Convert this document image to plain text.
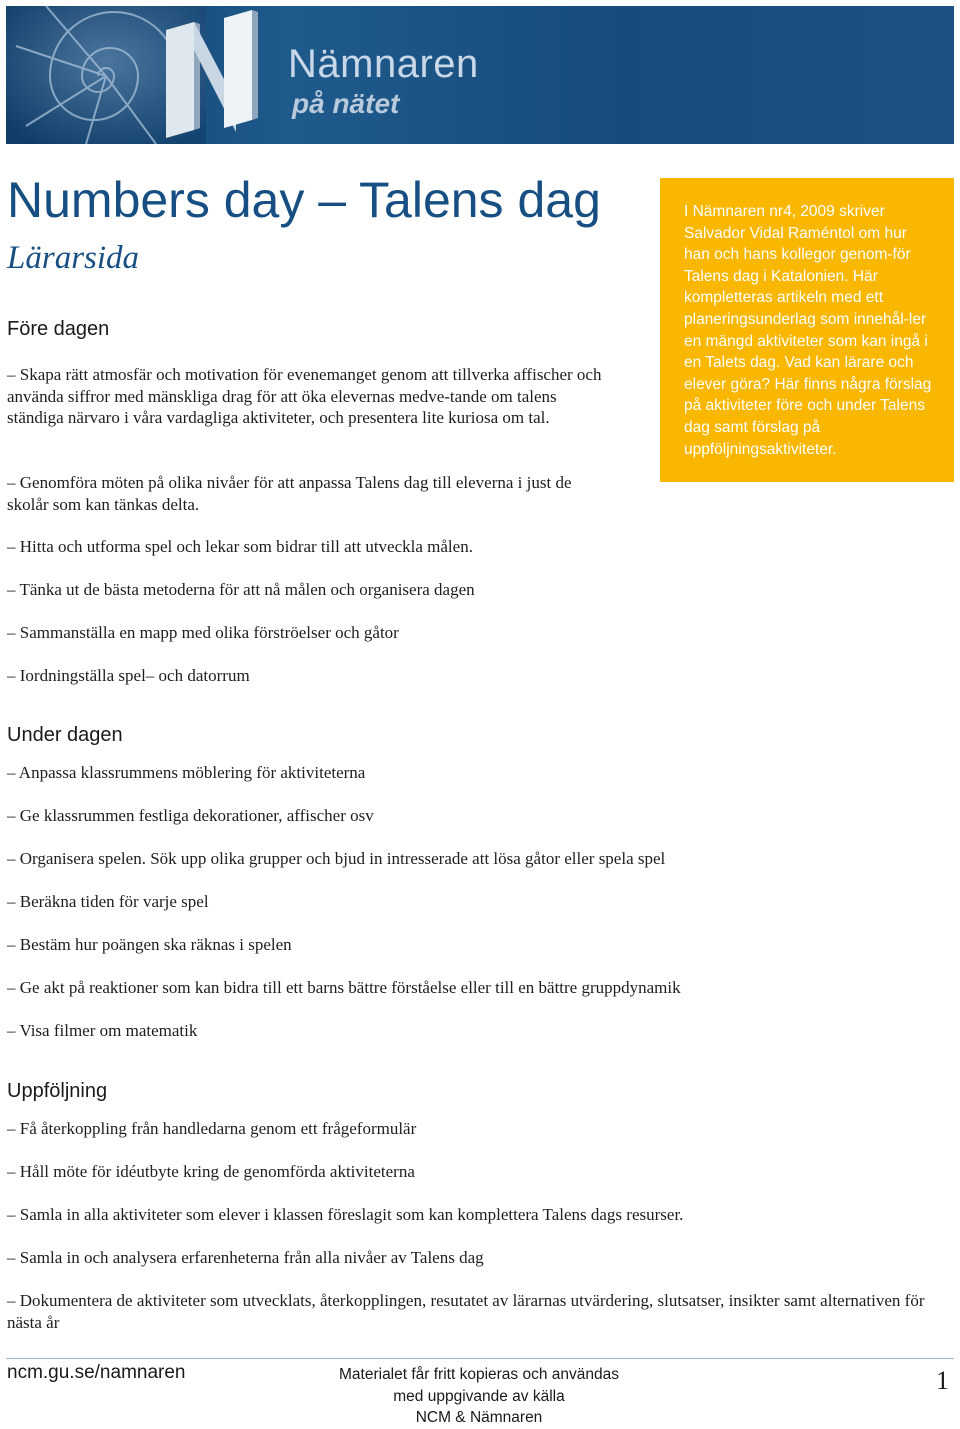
Nämnaren
på nätet
Numbers day – Talens dag
Lärarsida

I Nämnaren nr4, 2009 skriver Salvador Vidal Raméntol om hur han och hans kollegor genom-för Talens dag i Katalonien. Här kompletteras artikeln med ett planeringsunderlag som innehål-ler en mängd aktiviteter som kan ingå i en Talets dag. Vad kan lärare och elever göra? Här finns några förslag på aktiviteter före och under Talens dag samt förslag på uppföljningsaktiviteter.

Före dagen

– Skapa rätt atmosfär och motivation för evenemanget genom att tillverka affischer och använda siffror med mänskliga drag för att öka elevernas medve-tande om talens ständiga närvaro i våra vardagliga aktiviteter, och presentera lite kuriosa om tal.

– Genomföra möten på olika nivåer för att anpassa Talens dag till eleverna i just de skolår som kan tänkas delta.

– Hitta och utforma spel och lekar som bidrar till att utveckla målen.

– Tänka ut de bästa metoderna för att nå målen och organisera dagen

– Sammanställa en mapp med olika förströelser och gåtor

– Iordningställa spel– och datorrum

Under dagen

– Anpassa klassrummens möblering för aktiviteterna

– Ge klassrummen festliga dekorationer, affischer osv

– Organisera spelen. Sök upp olika grupper och bjud in intresserade att lösa gåtor eller spela spel

– Beräkna tiden för varje spel

– Bestäm hur poängen ska räknas i spelen

– Ge akt på reaktioner som kan bidra till ett barns bättre förståelse eller till en bättre gruppdynamik

– Visa filmer om matematik

Uppföljning

– Få återkoppling från handledarna genom ett frågeformulär

– Håll möte för idéutbyte kring de genomförda aktiviteterna

– Samla in alla aktiviteter som elever i klassen föreslagit som kan komplettera Talens dags resurser.

– Samla in och analysera erfarenheterna från alla nivåer av Talens dag

– Dokumentera de aktiviteter som utvecklats, återkopplingen, resutatet av lärarnas utvärdering, slutsatser, insikter samt alternativen för nästa år

ncm.gu.se/namnaren	Materialet får fritt kopieras och användas
med uppgivande av källa
NCM & Nämnaren
1
